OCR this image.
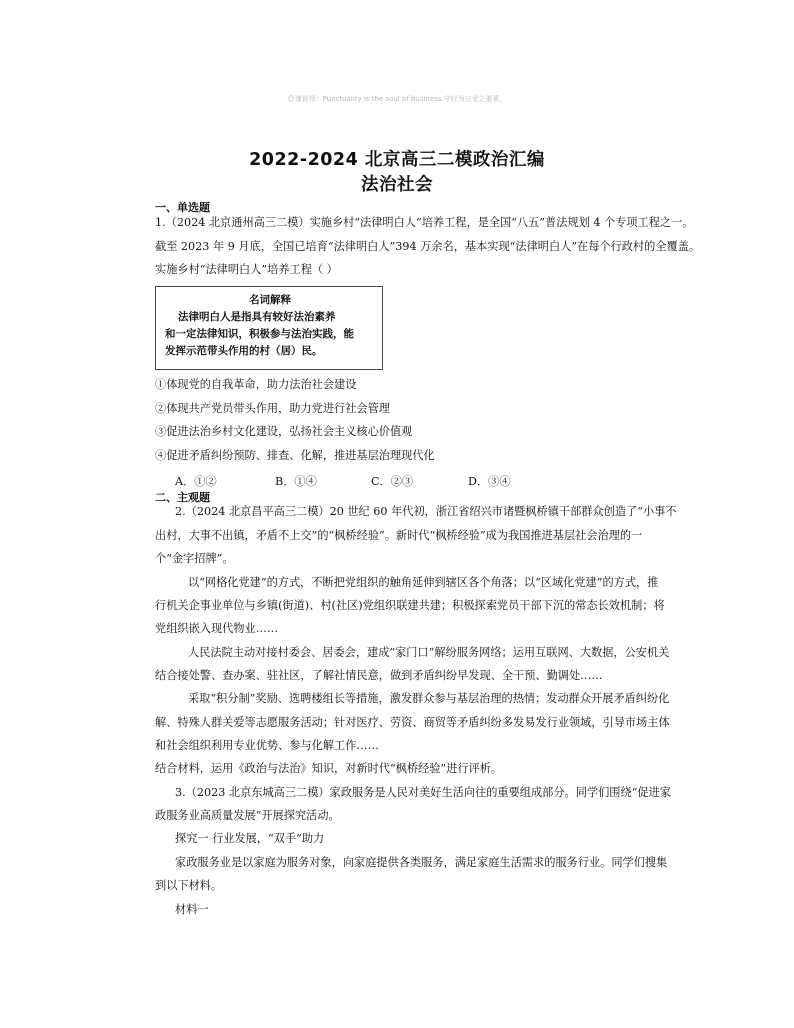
☺谨说得：Punctuality is the soul of business.守时为立业之要素。
2022-2024 北京高三二模政治汇编
法治社会
一、单选题
1.（2024 北京通州高三二模）实施乡村“法律明白人”培养工程，是全国“八五”普法规划 4 个专项工程之一。
截至 2023 年 9 月底，全国已培育“法律明白人”394 万余名，基本实现“法律明白人”在每个行政村的全覆盖。
实施乡村“法律明白人”培养工程（ ）
名词解释
法律明白人是指具有较好法治素养
和一定法律知识，积极参与法治实践，能
发挥示范带头作用的村（居）民。
①体现党的自我革命，助力法治社会建设
②体现共产党员带头作用，助力党进行社会管理
③促进法治乡村文化建设，弘扬社会主义核心价值观
④促进矛盾纠纷预防、排查、化解，推进基层治理现代化
A．①②	B．①④	C．②③	D．③④
二、主观题
2.（2024 北京昌平高三二模）20 世纪 60 年代初，浙江省绍兴市诸暨枫桥镇干部群众创造了“小事不
出村，大事不出镇，矛盾不上交”的“枫桥经验”。新时代“枫桥经验”成为我国推进基层社会治理的一
个“金字招牌”。
以“网格化党建”的方式，不断把党组织的触角延伸到辖区各个角落；以“区域化党建”的方式，推
行机关企事业单位与乡镇(街道)、村(社区)党组织联建共建；积极探索党员干部下沉的常态长效机制；将
党组织嵌入现代物业……
人民法院主动对接村委会、居委会，建成“家门口”解纷服务网络；运用互联网、大数据，公安机关
结合接处警、查办案、驻社区，了解社情民意，做到矛盾纠纷早发现、全干预、勤调处……
采取“积分制”奖励、选聘楼组长等措施，激发群众参与基层治理的热情；发动群众开展矛盾纠纷化
解、特殊人群关爱等志愿服务活动；针对医疗、劳资、商贸等矛盾纠纷多发易发行业领域，引导市场主体
和社会组织利用专业优势、参与化解工作……
结合材料，运用《政治与法治》知识，对新时代“枫桥经验”进行评析。
3.（2023 北京东城高三二模）家政服务是人民对美好生活向往的重要组成部分。同学们围绕“促进家
政服务业高质量发展”开展探究活动。
探究一 行业发展，“双手”助力
家政服务业是以家庭为服务对象，向家庭提供各类服务，满足家庭生活需求的服务行业。同学们搜集
到以下材料。
材料一
